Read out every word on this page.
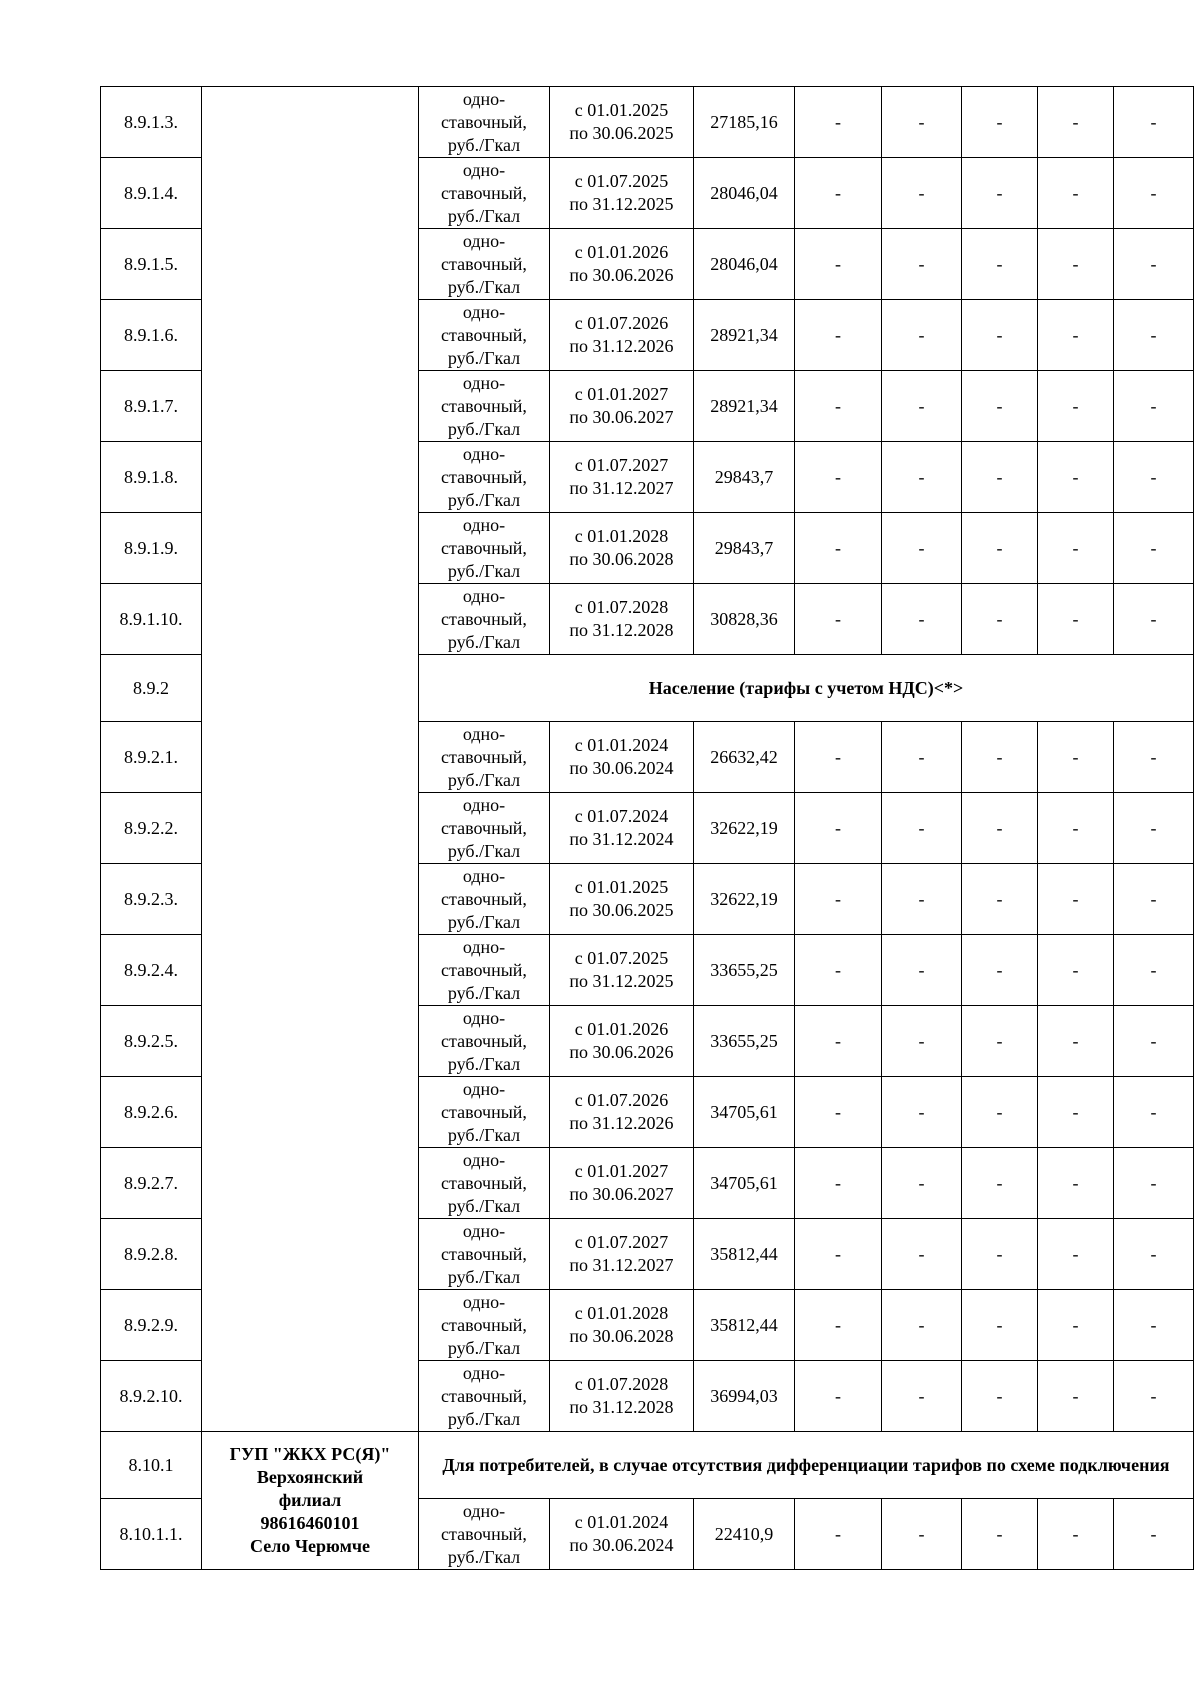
8.9.1.3.		одно-
ставочный,
руб./Гкал	с 01.01.2025
по 30.06.2025	27185,16	-	-	-	-	-
8.9.1.4.		одно-
ставочный,
руб./Гкал	с 01.07.2025
по 31.12.2025	28046,04	-	-	-	-	-
8.9.1.5.		одно-
ставочный,
руб./Гкал	с 01.01.2026
по 30.06.2026	28046,04	-	-	-	-	-
8.9.1.6.		одно-
ставочный,
руб./Гкал	с 01.07.2026
по 31.12.2026	28921,34	-	-	-	-	-
8.9.1.7.		одно-
ставочный,
руб./Гкал	с 01.01.2027
по 30.06.2027	28921,34	-	-	-	-	-
8.9.1.8.		одно-
ставочный,
руб./Гкал	с 01.07.2027
по 31.12.2027	29843,7	-	-	-	-	-
8.9.1.9.		одно-
ставочный,
руб./Гкал	с 01.01.2028
по 30.06.2028	29843,7	-	-	-	-	-
8.9.1.10.		одно-
ставочный,
руб./Гкал	с 01.07.2028
по 31.12.2028	30828,36	-	-	-	-	-
8.9.2		Население (тарифы с учетом НДС)<*>							
8.9.2.1.		одно-
ставочный,
руб./Гкал	с 01.01.2024
по 30.06.2024	26632,42	-	-	-	-	-
8.9.2.2.		одно-
ставочный,
руб./Гкал	с 01.07.2024
по 31.12.2024	32622,19	-	-	-	-	-
8.9.2.3.		одно-
ставочный,
руб./Гкал	с 01.01.2025
по 30.06.2025	32622,19	-	-	-	-	-
8.9.2.4.		одно-
ставочный,
руб./Гкал	с 01.07.2025
по 31.12.2025	33655,25	-	-	-	-	-
8.9.2.5.		одно-
ставочный,
руб./Гкал	с 01.01.2026
по 30.06.2026	33655,25	-	-	-	-	-
8.9.2.6.		одно-
ставочный,
руб./Гкал	с 01.07.2026
по 31.12.2026	34705,61	-	-	-	-	-
8.9.2.7.		одно-
ставочный,
руб./Гкал	с 01.01.2027
по 30.06.2027	34705,61	-	-	-	-	-
8.9.2.8.		одно-
ставочный,
руб./Гкал	с 01.07.2027
по 31.12.2027	35812,44	-	-	-	-	-
8.9.2.9.		одно-
ставочный,
руб./Гкал	с 01.01.2028
по 30.06.2028	35812,44	-	-	-	-	-
8.9.2.10.		одно-
ставочный,
руб./Гкал	с 01.07.2028
по 31.12.2028	36994,03	-	-	-	-	-
8.10.1	ГУП "ЖКХ РС(Я)"
Верхоянский
филиал
98616460101
Село Черюмче	Для потребителей, в случае отсутствия дифференциации тарифов по схеме подключения							
8.10.1.1.		одно-
ставочный,
руб./Гкал	с 01.01.2024
по 30.06.2024	22410,9	-	-	-	-	-
